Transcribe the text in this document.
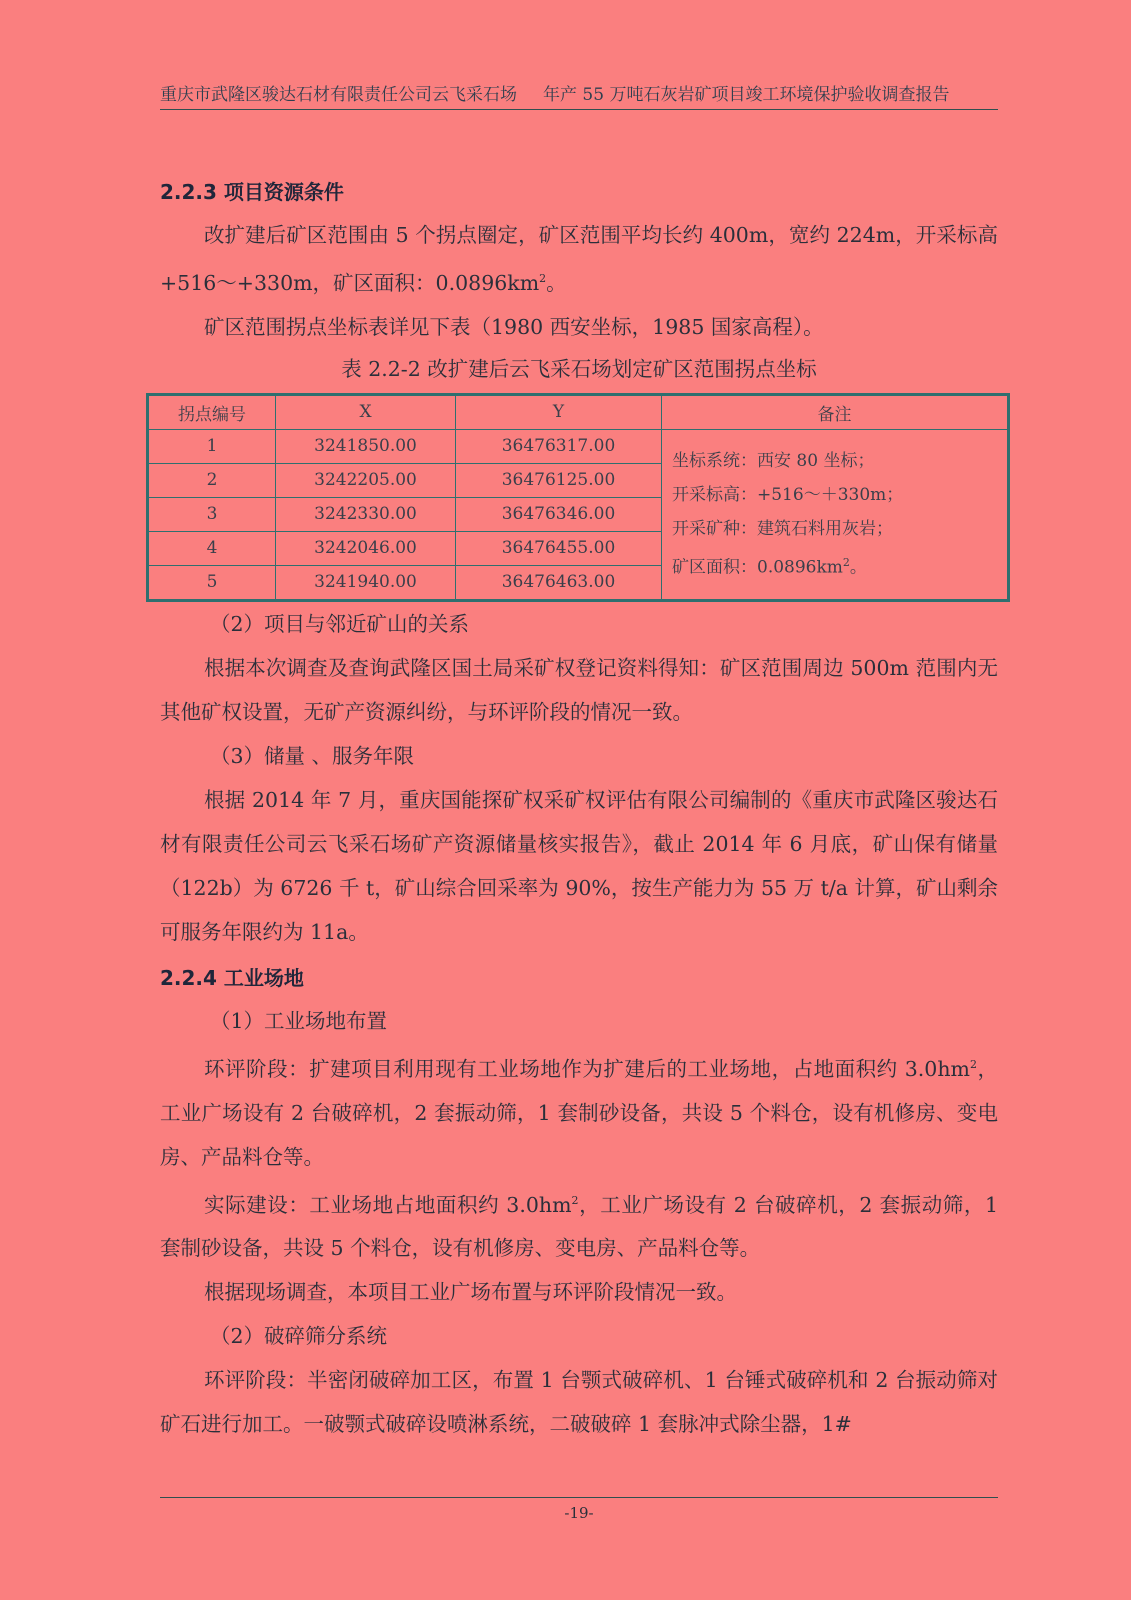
重庆市武隆区骏达石材有限责任公司云飞采石场 年产 55 万吨石灰岩矿项目竣工环境保护验收调查报告
2.2.3 项目资源条件

改扩建后矿区范围由 5 个拐点圈定，矿区范围平均长约 400m，宽约 224m，开采标高+516～+330m，矿区面积：$0.0896km^2$。

矿区范围拐点坐标表详见下表（1980 西安坐标，1985 国家高程）。

表 2.2-2 改扩建后云飞采石场划定矿区范围拐点坐标
拐点编号	X	Y	备注
1	3241850.00	36476317.00	坐标系统：西安 80 坐标；
开采标高：+516～＋330m；
开采矿种：建筑石料用灰岩；
矿区面积：$0.0896km^2$。

2	3242205.00	36476125.00	
3	3242330.00	36476346.00	
4	3242046.00	36476455.00	
5	3241940.00	36476463.00	

（2）项目与邻近矿山的关系

根据本次调查及查询武隆区国土局采矿权登记资料得知：矿区范围周边 500m 范围内无其他矿权设置，无矿产资源纠纷，与环评阶段的情况一致。

（3）储量 、服务年限

根据 2014 年 7 月，重庆国能探矿权采矿权评估有限公司编制的《重庆市武隆区骏达石材有限责任公司云飞采石场矿产资源储量核实报告》，截止 2014 年 6 月底，矿山保有储量（122b）为 6726 千 t，矿山综合回采率为 90%，按生产能力为 55 万 t/a 计算，矿山剩余可服务年限约为 11a。

2.2.4 工业场地

（1）工业场地布置

环评阶段：扩建项目利用现有工业场地作为扩建后的工业场地，占地面积约 $3.0hm^2$，工业广场设有 2 台破碎机，2 套振动筛，1 套制砂设备，共设 5 个料仓，设有机修房、变电房、产品料仓等。

实际建设：工业场地占地面积约 $3.0hm^2$，工业广场设有 2 台破碎机，2 套振动筛，1 套制砂设备，共设 5 个料仓，设有机修房、变电房、产品料仓等。

根据现场调查，本项目工业广场布置与环评阶段情况一致。

（2）破碎筛分系统

环评阶段：半密闭破碎加工区，布置 1 台颚式破碎机、1 台锤式破碎机和 2 台振动筛对矿石进行加工。一破颚式破碎设喷淋系统，二破破碎 1 套脉冲式除尘器，1#

-19-
